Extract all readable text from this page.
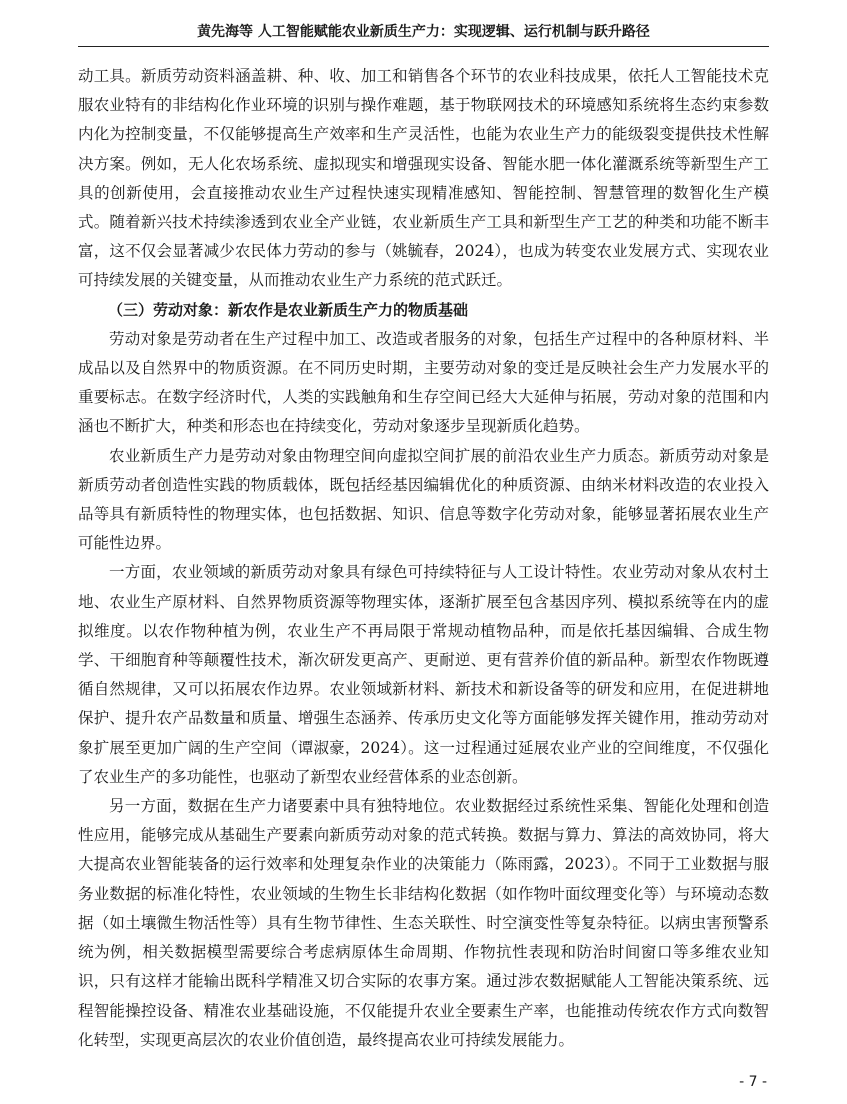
黄先海等 人工智能赋能农业新质生产力：实现逻辑、运行机制与跃升路径

动工具。新质劳动资料涵盖耕、种、收、加工和销售各个环节的农业科技成果，依托人工智能技术克服农业特有的非结构化作业环境的识别与操作难题，基于物联网技术的环境感知系统将生态约束参数内化为控制变量，不仅能够提高生产效率和生产灵活性，也能为农业生产力的能级裂变提供技术性解决方案。例如，无人化农场系统、虚拟现实和增强现实设备、智能水肥一体化灌溉系统等新型生产工具的创新使用，会直接推动农业生产过程快速实现精准感知、智能控制、智慧管理的数智化生产模式。随着新兴技术持续渗透到农业全产业链，农业新质生产工具和新型生产工艺的种类和功能不断丰富，这不仅会显著减少农民体力劳动的参与（姚毓春，2024），也成为转变农业发展方式、实现农业可持续发展的关键变量，从而推动农业生产力系统的范式跃迁。

（三）劳动对象：新农作是农业新质生产力的物质基础

劳动对象是劳动者在生产过程中加工、改造或者服务的对象，包括生产过程中的各种原材料、半成品以及自然界中的物质资源。在不同历史时期，主要劳动对象的变迁是反映社会生产力发展水平的重要标志。在数字经济时代，人类的实践触角和生存空间已经大大延伸与拓展，劳动对象的范围和内涵也不断扩大，种类和形态也在持续变化，劳动对象逐步呈现新质化趋势。

农业新质生产力是劳动对象由物理空间向虚拟空间扩展的前沿农业生产力质态。新质劳动对象是新质劳动者创造性实践的物质载体，既包括经基因编辑优化的种质资源、由纳米材料改造的农业投入品等具有新质特性的物理实体，也包括数据、知识、信息等数字化劳动对象，能够显著拓展农业生产可能性边界。

一方面，农业领域的新质劳动对象具有绿色可持续特征与人工设计特性。农业劳动对象从农村土地、农业生产原材料、自然界物质资源等物理实体，逐渐扩展至包含基因序列、模拟系统等在内的虚拟维度。以农作物种植为例，农业生产不再局限于常规动植物品种，而是依托基因编辑、合成生物学、干细胞育种等颠覆性技术，渐次研发更高产、更耐逆、更有营养价值的新品种。新型农作物既遵循自然规律，又可以拓展农作边界。农业领域新材料、新技术和新设备等的研发和应用，在促进耕地保护、提升农产品数量和质量、增强生态涵养、传承历史文化等方面能够发挥关键作用，推动劳动对象扩展至更加广阔的生产空间（谭淑豪，2024）。这一过程通过延展农业产业的空间维度，不仅强化了农业生产的多功能性，也驱动了新型农业经营体系的业态创新。

另一方面，数据在生产力诸要素中具有独特地位。农业数据经过系统性采集、智能化处理和创造性应用，能够完成从基础生产要素向新质劳动对象的范式转换。数据与算力、算法的高效协同，将大大提高农业智能装备的运行效率和处理复杂作业的决策能力（陈雨露，2023）。不同于工业数据与服务业数据的标准化特性，农业领域的生物生长非结构化数据（如作物叶面纹理变化等）与环境动态数据（如土壤微生物活性等）具有生物节律性、生态关联性、时空演变性等复杂特征。以病虫害预警系统为例，相关数据模型需要综合考虑病原体生命周期、作物抗性表现和防治时间窗口等多维农业知识，只有这样才能输出既科学精准又切合实际的农事方案。通过涉农数据赋能人工智能决策系统、远程智能操控设备、精准农业基础设施，不仅能提升农业全要素生产率，也能推动传统农作方式向数智化转型，实现更高层次的农业价值创造，最终提高农业可持续发展能力。

- 7 -
